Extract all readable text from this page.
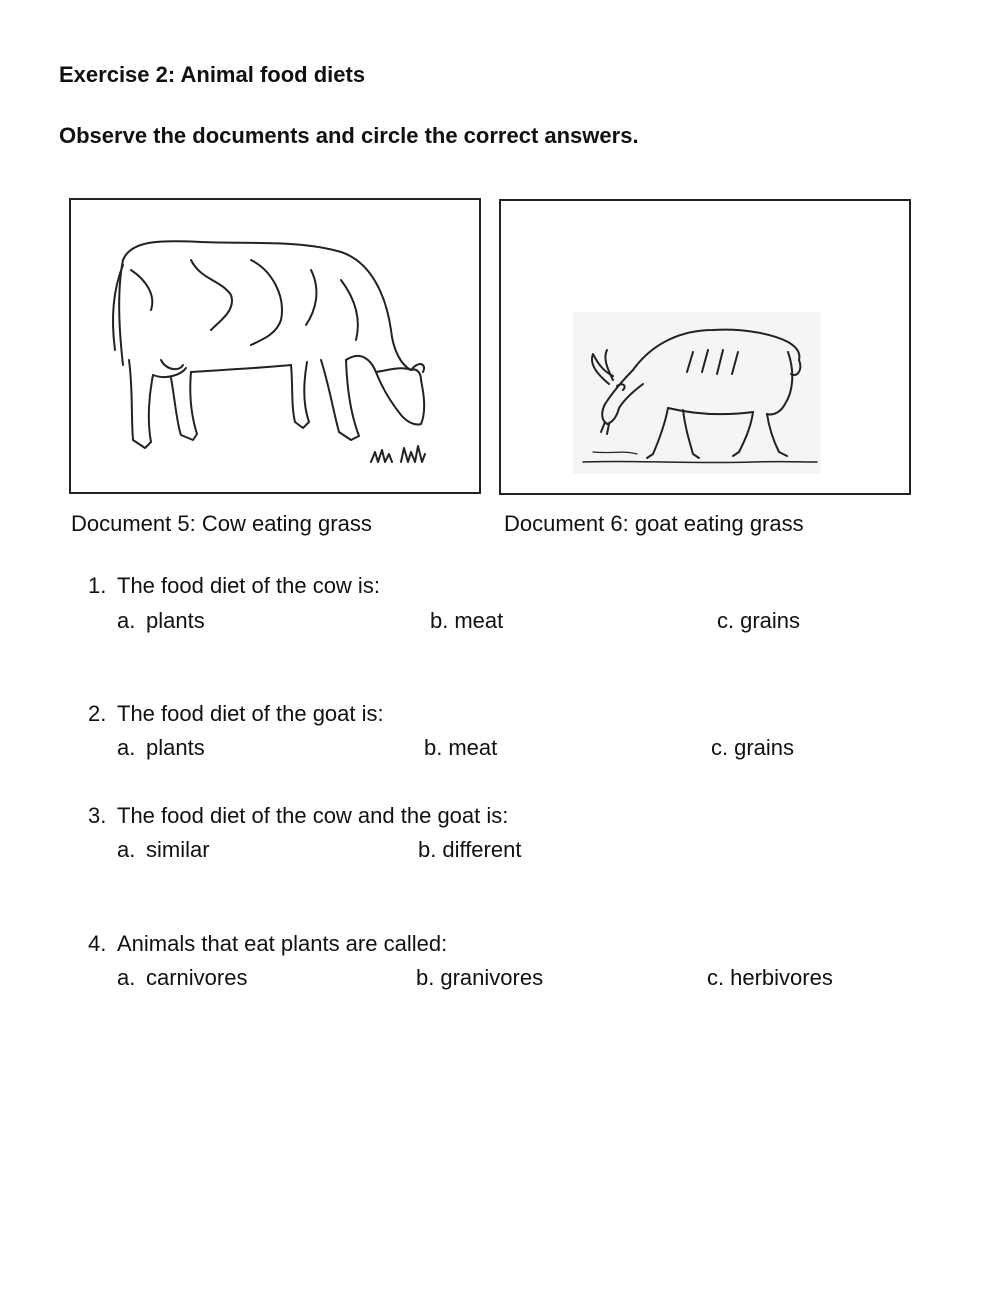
Exercise 2: Animal food diets
Observe the documents and circle the correct answers.
Document 5: Cow eating grass	Document 6: goat eating grass
1. The food diet of the cow is:
a. plants	b. meat	c. grains
2. The food diet of the goat is:
a. plants	b. meat	c. grains
3. The food diet of the cow and the goat is:
a. similar	b. different
4. Animals that eat plants are called:
a. carnivores	b. granivores	c. herbivores
